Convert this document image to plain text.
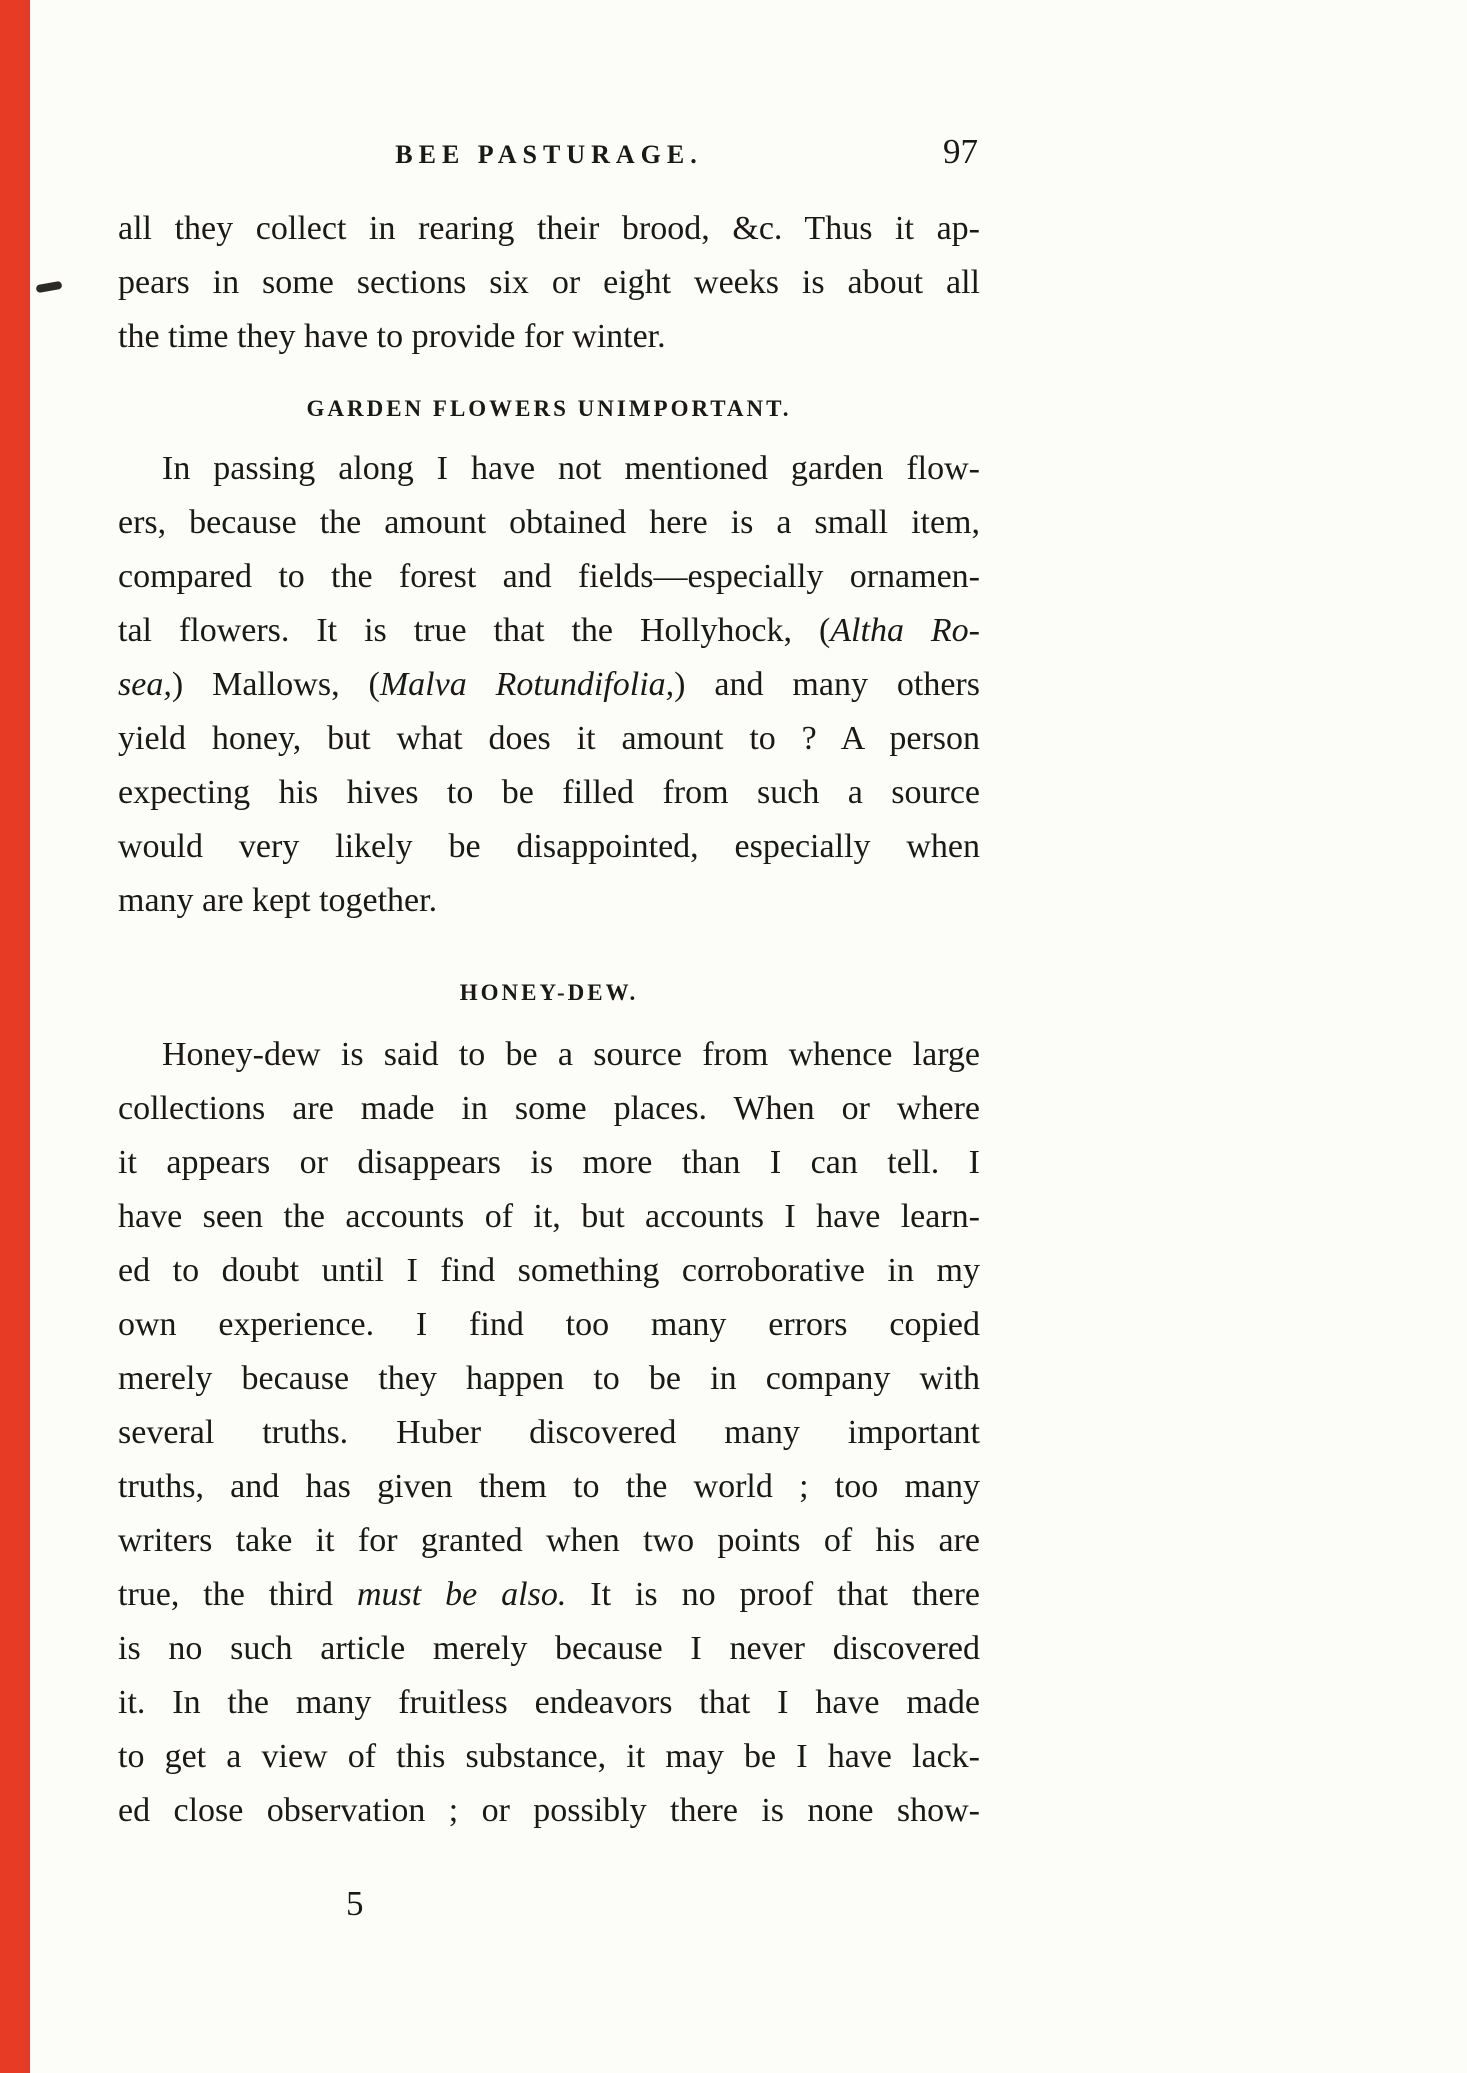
BEE PASTURAGE.	97
all they collect in rearing their brood, &c. Thus it ap-
pears in some sections six or eight weeks is about all
the time they have to provide for winter.
GARDEN FLOWERS UNIMPORTANT.
In passing along I have not mentioned garden flow-
ers, because the amount obtained here is a small item,
compared to the forest and fields—especially ornamen-
tal flowers. It is true that the Hollyhock, (Altha Ro-
sea,) Mallows, (Malva Rotundifolia,) and many others
yield honey, but what does it amount to ? A person
expecting his hives to be filled from such a source
would very likely be disappointed, especially when
many are kept together.
HONEY-DEW.
Honey-dew is said to be a source from whence large
collections are made in some places. When or where
it appears or disappears is more than I can tell. I
have seen the accounts of it, but accounts I have learn-
ed to doubt until I find something corroborative in my
own experience. I find too many errors copied
merely because they happen to be in company with
several truths. Huber discovered many important
truths, and has given them to the world ; too many
writers take it for granted when two points of his are
true, the third must be also. It is no proof that there
is no such article merely because I never discovered
it. In the many fruitless endeavors that I have made
to get a view of this substance, it may be I have lack-
ed close observation ; or possibly there is none show-
5
